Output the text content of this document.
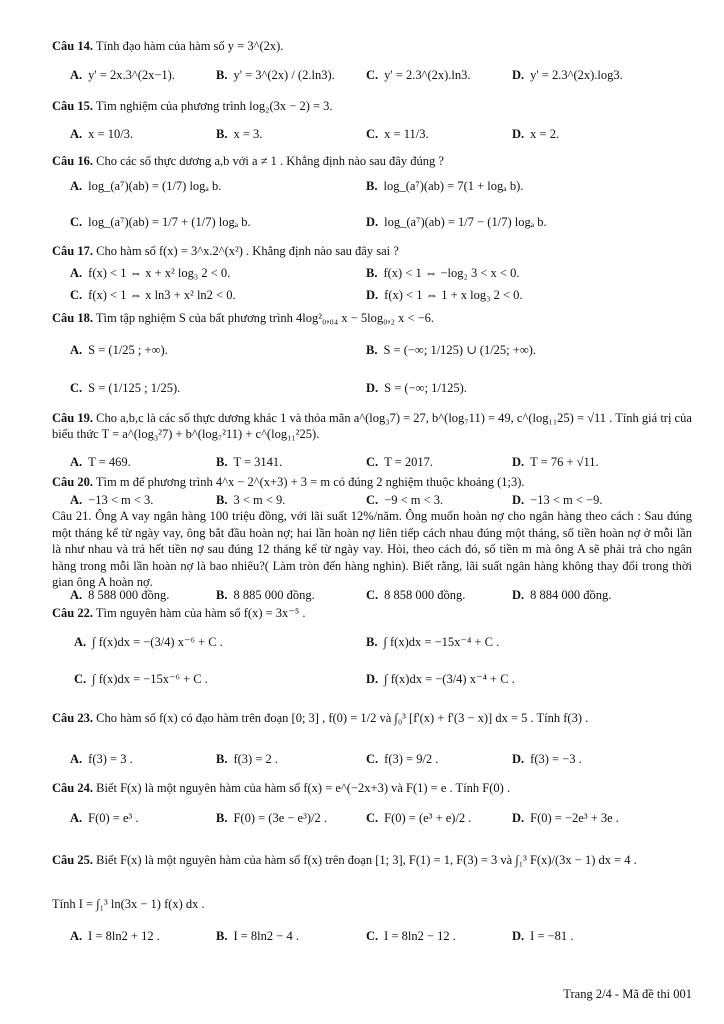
Câu 14. Tính đạo hàm của hàm số y = 3^(2x).
A. y' = 2x.3^(2x−1).	B. y' = 3^(2x) / (2.ln3).	C. y' = 2.3^(2x).ln3.	D. y' = 2.3^(2x).log3.
Câu 15. Tìm nghiệm của phương trình log₂(3x − 2) = 3.
A. x = 10/3.	B. x = 3.	C. x = 11/3.	D. x = 2.
Câu 16. Cho các số thực dương a,b với a ≠ 1 . Khẳng định nào sau đây đúng ?
A. log_(a⁷)(ab) = (1/7) logₐ b.	B. log_(a⁷)(ab) = 7(1 + logₐ b).
C. log_(a⁷)(ab) = 1/7 + (1/7) logₐ b.	D. log_(a⁷)(ab) = 1/7 − (1/7) logₐ b.
Câu 17. Cho hàm số f(x) = 3^x.2^(x²) . Khẳng định nào sau đây sai ?
A. f(x) < 1 ⇔ x + x² log₃ 2 < 0.	B. f(x) < 1 ⇔ −log₂ 3 < x < 0.
C. f(x) < 1 ⇔ x ln3 + x² ln2 < 0.	D. f(x) < 1 ⇔ 1 + x log₃ 2 < 0.
Câu 18. Tìm tập nghiệm S của bất phương trình 4log²₀,₀₄ x − 5log₀,₂ x < −6.
A. S = (1/25 ; +∞).	B. S = (−∞; 1/125) ∪ (1/25; +∞).
C. S = (1/125 ; 1/25).	D. S = (−∞; 1/125).
Câu 19. Cho a,b,c là các số thực dương khác 1 và thỏa mãn a^(log₃7) = 27, b^(log₇11) = 49, c^(log₁₁25) = √11 . Tính giá trị của biểu thức T = a^(log₃²7) + b^(log₇²11) + c^(log₁₁²25).
A. T = 469.	B. T = 3141.	C. T = 2017.	D. T = 76 + √11.
Câu 20. Tìm m để phương trình 4^x − 2^(x+3) + 3 = m có đúng 2 nghiệm thuộc khoảng (1;3).
A. −13 < m < 3.	B. 3 < m < 9.	C. −9 < m < 3.	D. −13 < m < −9.
Câu 21. Ông A vay ngân hàng 100 triệu đồng, với lãi suất 12%/năm. Ông muốn hoàn nợ cho ngân hàng theo cách : Sau đúng một tháng kể từ ngày vay, ông bắt đầu hoàn nợ; hai lần hoàn nợ liên tiếp cách nhau đúng một tháng, số tiền hoàn nợ ở mỗi lần là như nhau và trả hết tiền nợ sau đúng 12 tháng kể từ ngày vay. Hỏi, theo cách đó, số tiền m mà ông A sẽ phải trả cho ngân hàng trong mỗi lần hoàn nợ là bao nhiêu?( Làm tròn đến hàng nghìn). Biết rằng, lãi suất ngân hàng không thay đổi trong thời gian ông A hoàn nợ.
A. 8 588 000 đồng.	B. 8 885 000 đồng.	C. 8 858 000 đồng.	D. 8 884 000 đồng.
Câu 22. Tìm nguyên hàm của hàm số f(x) = 3x⁻⁵ .
A. ∫ f(x)dx = −(3/4) x⁻⁶ + C .	B. ∫ f(x)dx = −15x⁻⁴ + C .
C. ∫ f(x)dx = −15x⁻⁶ + C .	D. ∫ f(x)dx = −(3/4) x⁻⁴ + C .
Câu 23. Cho hàm số f(x) có đạo hàm trên đoạn [0; 3] , f(0) = 1/2 và ∫₀³ [f'(x) + f'(3 − x)] dx = 5 . Tính f(3) .
A. f(3) = 3 .	B. f(3) = 2 .	C. f(3) = 9/2 .	D. f(3) = −3 .
Câu 24. Biết F(x) là một nguyên hàm của hàm số f(x) = e^(−2x+3) và F(1) = e . Tính F(0) .
A. F(0) = e³ .	B. F(0) = (3e − e³)/2 .	C. F(0) = (e³ + e)/2 .	D. F(0) = −2e³ + 3e .
Câu 25. Biết F(x) là một nguyên hàm của hàm số f(x) trên đoạn [1; 3], F(1) = 1, F(3) = 3 và ∫₁³ F(x)/(3x − 1) dx = 4 .
Tính I = ∫₁³ ln(3x − 1) f(x) dx .
A. I = 8ln2 + 12 .	B. I = 8ln2 − 4 .	C. I = 8ln2 − 12 .	D. I = −81 .
Trang 2/4 - Mã đề thi 001
